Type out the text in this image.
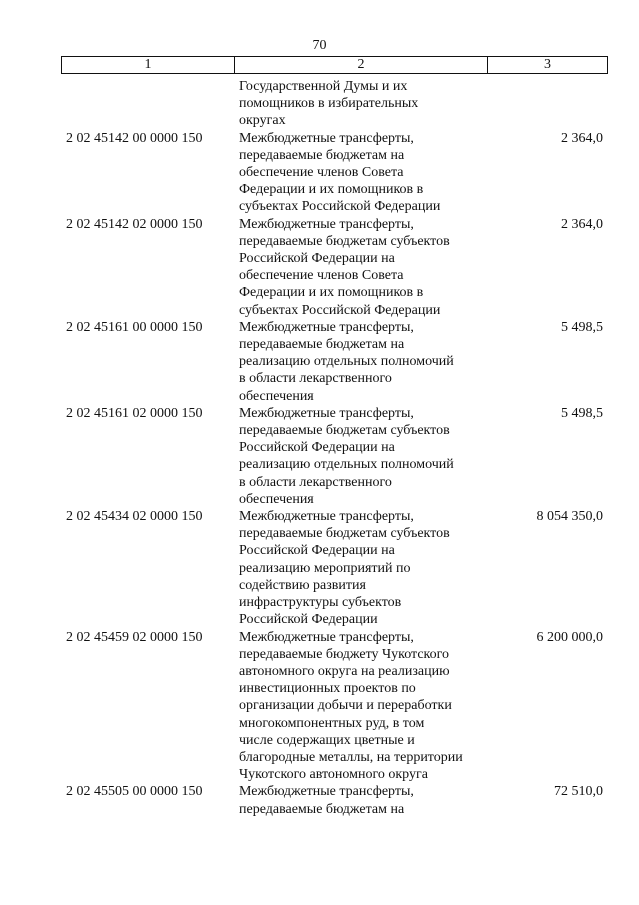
70
1	2	3
Государственной Думы и их
помощников в избирательных
округах
2 02 45142 00 0000 150	Межбюджетные трансферты,
передаваемые бюджетам на
обеспечение членов Совета
Федерации и их помощников в
субъектах Российской Федерации
2 364,0
2 02 45142 02 0000 150	Межбюджетные трансферты,
передаваемые бюджетам субъектов
Российской Федерации на
обеспечение членов Совета
Федерации и их помощников в
субъектах Российской Федерации
2 364,0
2 02 45161 00 0000 150	Межбюджетные трансферты,
передаваемые бюджетам на
реализацию отдельных полномочий
в области лекарственного
обеспечения
5 498,5
2 02 45161 02 0000 150	Межбюджетные трансферты,
передаваемые бюджетам субъектов
Российской Федерации на
реализацию отдельных полномочий
в области лекарственного
обеспечения
5 498,5
2 02 45434 02 0000 150	Межбюджетные трансферты,
передаваемые бюджетам субъектов
Российской Федерации на
реализацию мероприятий по
содействию развития
инфраструктуры субъектов
Российской Федерации
8 054 350,0
2 02 45459 02 0000 150	Межбюджетные трансферты,
передаваемые бюджету Чукотского
автономного округа на реализацию
инвестиционных проектов по
организации добычи и переработки
многокомпонентных руд, в том
числе содержащих цветные и
благородные металлы, на территории
Чукотского автономного округа
6 200 000,0
2 02 45505 00 0000 150	Межбюджетные трансферты,
передаваемые бюджетам на
72 510,0
